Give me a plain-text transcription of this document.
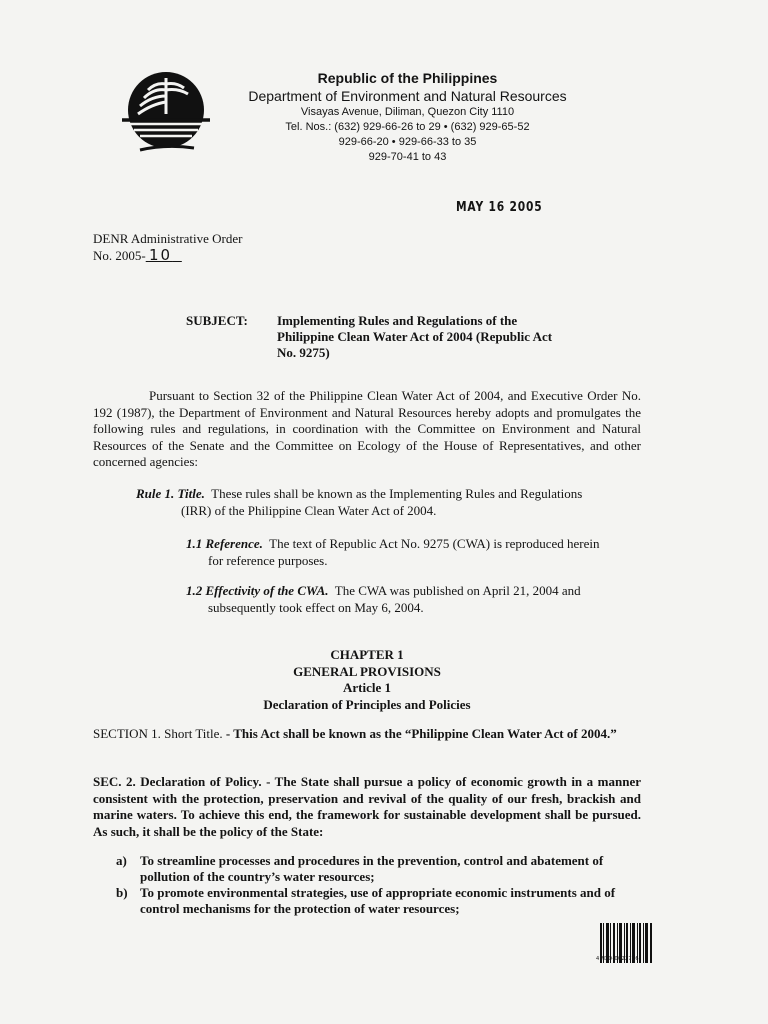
Republic of the Philippines
Department of Environment and Natural Resources
Visayas Avenue, Diliman, Quezon City 1110
Tel. Nos.: (632) 929-66-26 to 29 • (632) 929-65-52
929-66-20 • 929-66-33 to 35
929-70-41 to 43
MAY 16 2005
DENR Administrative Order
No. 2005- 10
SUBJECT: Implementing Rules and Regulations of the Philippine Clean Water Act of 2004 (Republic Act No. 9275)
Pursuant to Section 32 of the Philippine Clean Water Act of 2004, and Executive Order No. 192 (1987), the Department of Environment and Natural Resources hereby adopts and promulgates the following rules and regulations, in coordination with the Committee on Environment and Natural Resources of the Senate and the Committee on Ecology of the House of Representatives, and other concerned agencies:
Rule 1. Title. These rules shall be known as the Implementing Rules and Regulations
(IRR) of the Philippine Clean Water Act of 2004.
1.1 Reference. The text of Republic Act No. 9275 (CWA) is reproduced herein
for reference purposes.
1.2 Effectivity of the CWA. The CWA was published on April 21, 2004 and
subsequently took effect on May 6, 2004.
CHAPTER 1
GENERAL PROVISIONS
Article 1
Declaration of Principles and Policies
SECTION 1. Short Title. - This Act shall be known as the “Philippine Clean Water Act of 2004.”
SEC. 2. Declaration of Policy. - The State shall pursue a policy of economic growth in a manner consistent with the protection, preservation and revival of the quality of our fresh, brackish and marine waters. To achieve this end, the framework for sustainable development shall be pursued. As such, it shall be the policy of the State:
a)	To streamline processes and procedures in the prevention, control and abatement of pollution of the country’s water resources;
b) To promote environmental strategies, use of appropriate economic instruments and of control mechanisms for the protection of water resources;
4MDD-0022756
